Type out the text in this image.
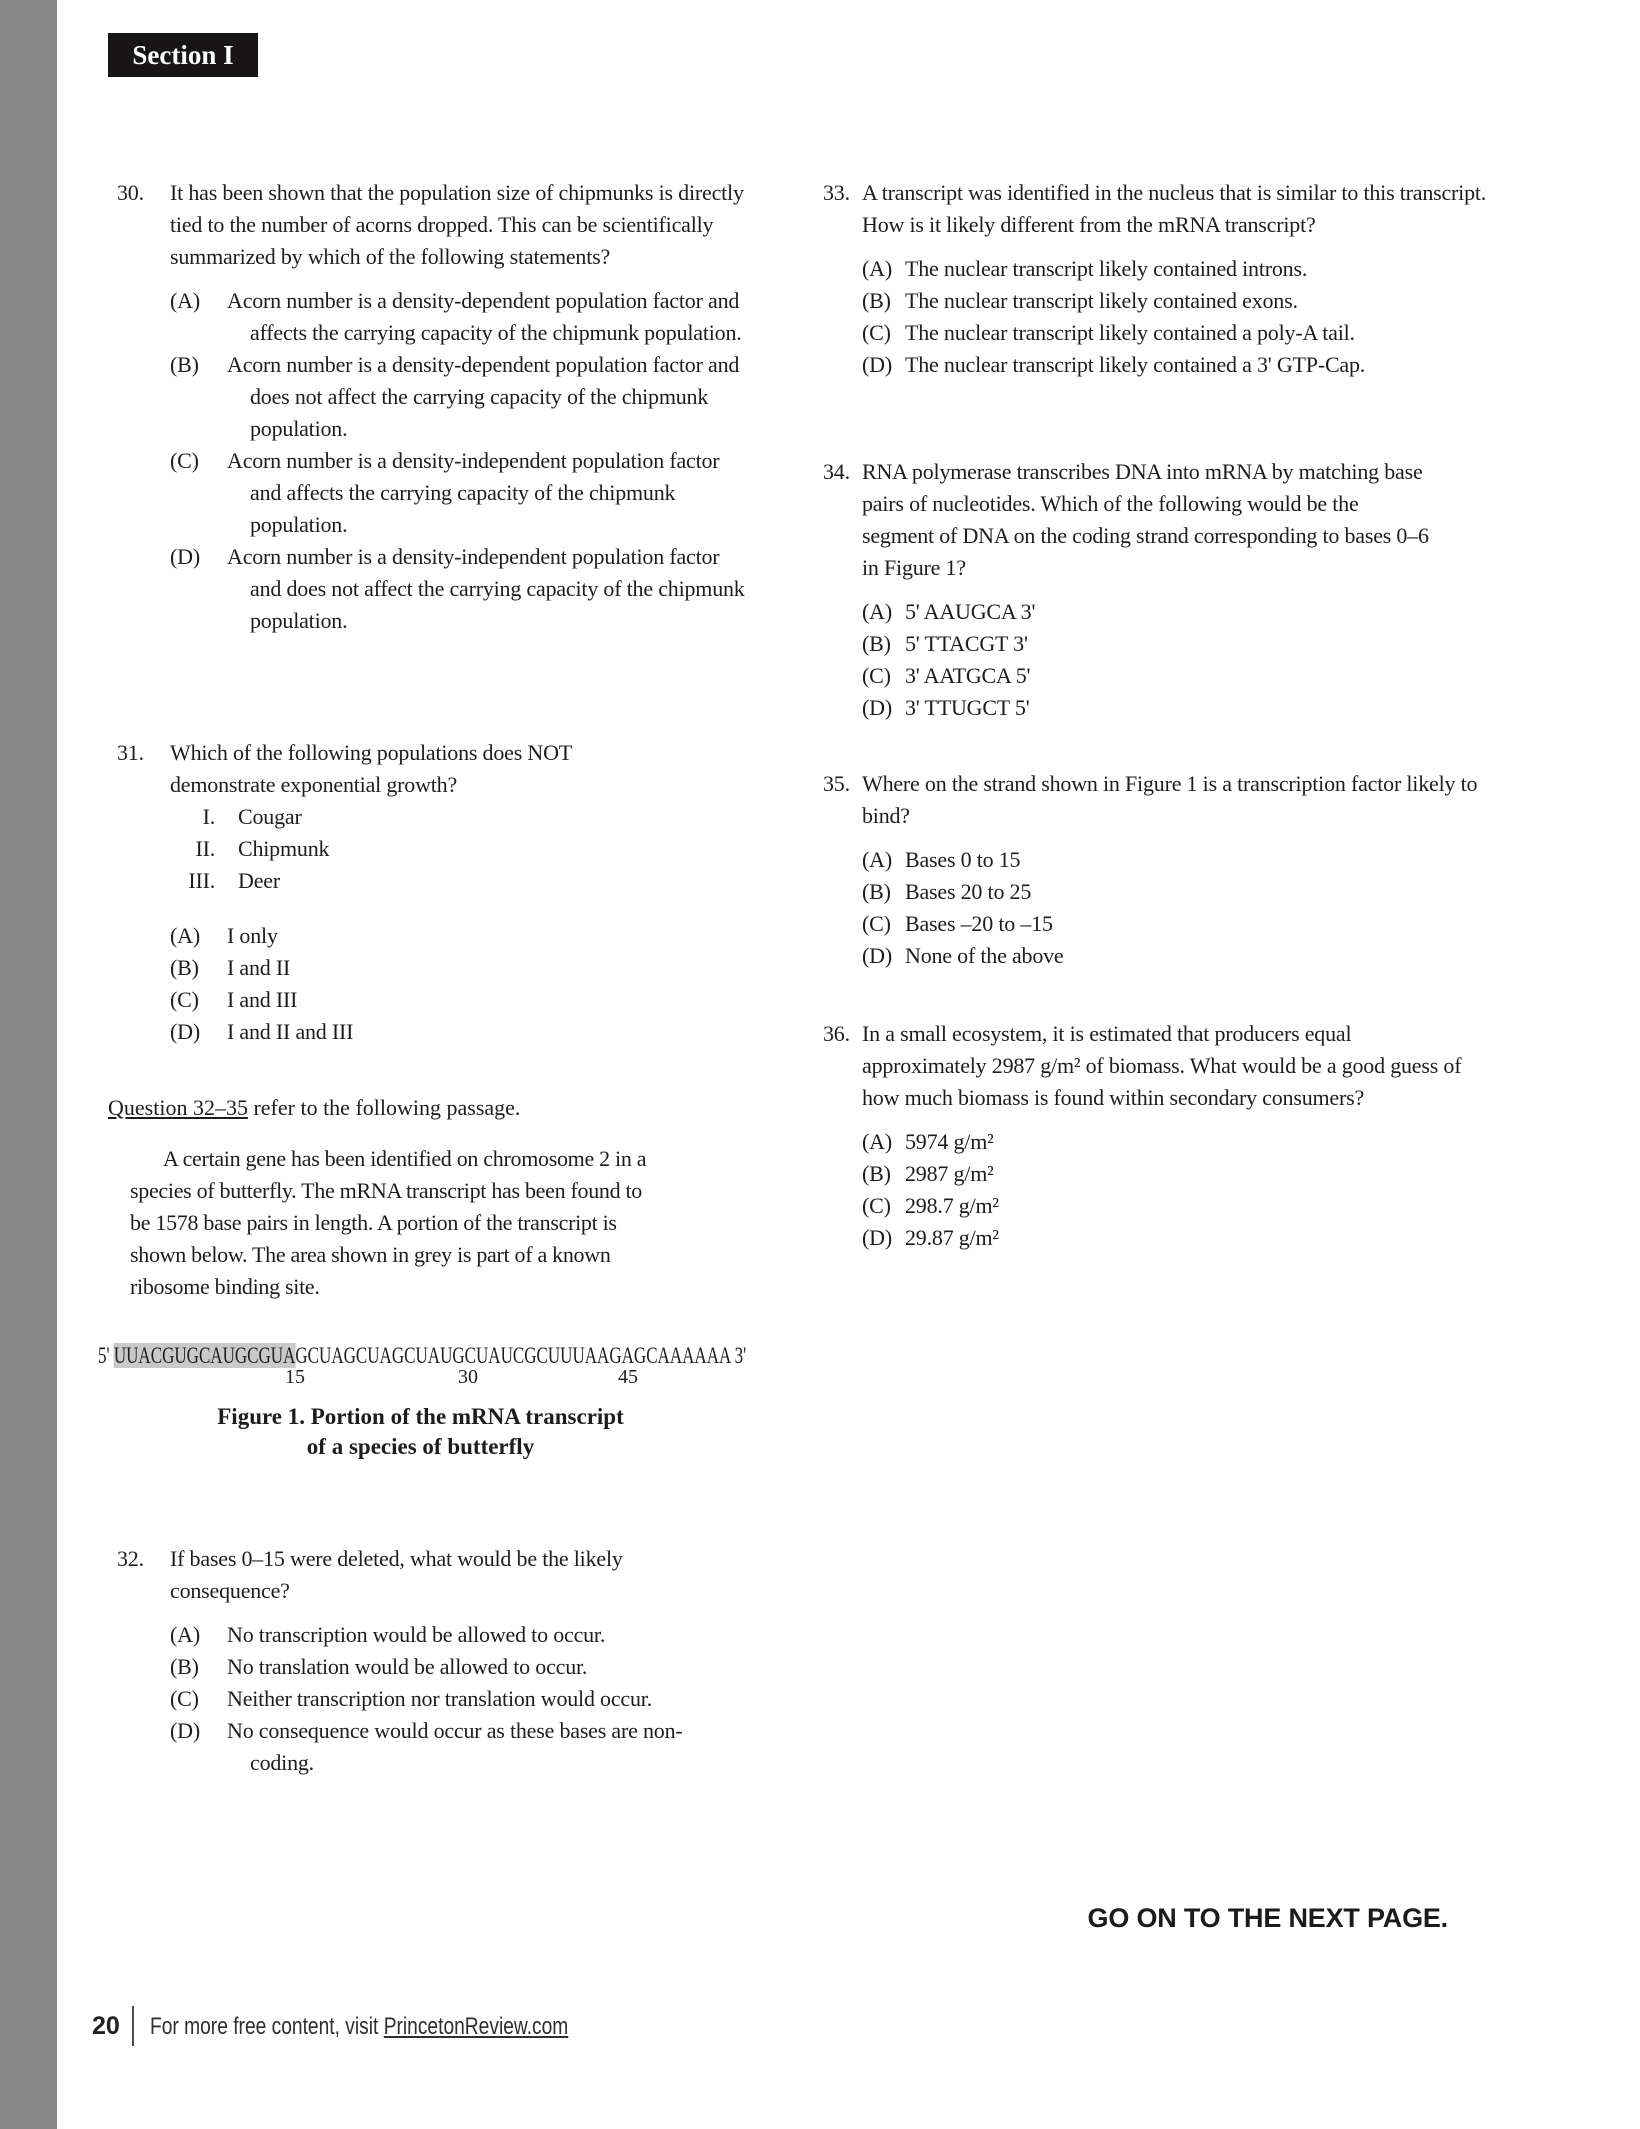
Section I
30.	It has been shown that the population size of chipmunks is directly tied to the number of acorns dropped. This can be scientifically summarized by which of the following statements?
(A)	Acorn number is a density-dependent population factor and affects the carrying capacity of the chipmunk population.
(B)	Acorn number is a density-dependent population factor and does not affect the carrying capacity of the chipmunk population.
(C)	Acorn number is a density-independent population factor and affects the carrying capacity of the chipmunk population.
(D)	Acorn number is a density-independent population factor and does not affect the carrying capacity of the chipmunk population.
31.	Which of the following populations does NOT demonstrate exponential growth?
I. Cougar
II. Chipmunk
III. Deer
(A)	I only
(B)	I and II
(C)	I and III
(D)	I and II and III
Question 32–35 refer to the following passage.
A certain gene has been identified on chromosome 2 in a species of butterfly. The mRNA transcript has been found to be 1578 base pairs in length. A portion of the transcript is shown below. The area shown in grey is part of a known ribosome binding site.
5' UUACGUGCAUGCGUAGCUAGCUAGCUAUGCUAUCGCUUUAAGAGCAAAAAA 3'
15	30	45
Figure 1. Portion of the mRNA transcript
of a species of butterfly
32.	If bases 0–15 were deleted, what would be the likely consequence?
(A)	No transcription would be allowed to occur.
(B)	No translation would be allowed to occur.
(C)	Neither transcription nor translation would occur.
(D)	No consequence would occur as these bases are non-coding.
33. A transcript was identified in the nucleus that is similar to this transcript. How is it likely different from the mRNA transcript?
(A) The nuclear transcript likely contained introns.
(B) The nuclear transcript likely contained exons.
(C) The nuclear transcript likely contained a poly-A tail.
(D) The nuclear transcript likely contained a 3' GTP-Cap.
34. RNA polymerase transcribes DNA into mRNA by matching base pairs of nucleotides. Which of the following would be the segment of DNA on the coding strand corresponding to bases 0–6 in Figure 1?
(A) 5' AAUGCA 3'
(B) 5' TTACGT 3'
(C) 3' AATGCA 5'
(D) 3' TTUGCT 5'
35. Where on the strand shown in Figure 1 is a transcription factor likely to bind?
(A) Bases 0 to 15
(B) Bases 20 to 25
(C) Bases –20 to –15
(D) None of the above
36. In a small ecosystem, it is estimated that producers equal approximately 2987 g/m² of biomass. What would be a good guess of how much biomass is found within secondary consumers?
(A) 5974 g/m²
(B) 2987 g/m²
(C) 298.7 g/m²
(D) 29.87 g/m²
GO ON TO THE NEXT PAGE.
20 For more free content, visit PrincetonReview.com
